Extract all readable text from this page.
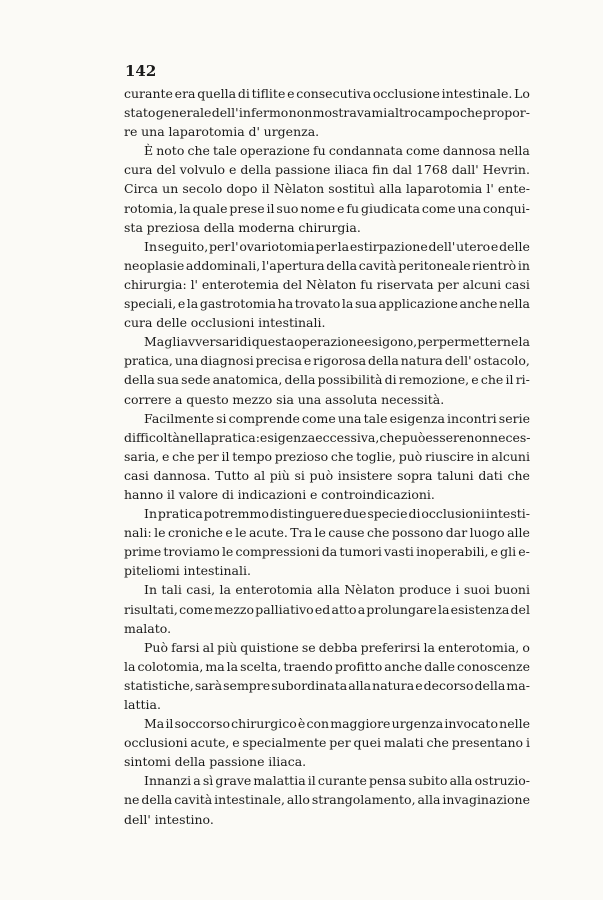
142
curante era quella di tiflite e consecutiva occlusione intestinale. Lo
stato generale dell' infermo non mostravami altro campo che propor-
re una laparotomia d' urgenza.
È noto che tale operazione fu condannata come dannosa nella
cura del volvulo e della passione iliaca fin dal 1768 dall' Hevrin.
Circa un secolo dopo il Nèlaton sostituì alla laparotomia l' ente-
rotomia, la quale prese il suo nome e fu giudicata come una conqui-
sta preziosa della moderna chirurgia.
In seguito, per l' ovariotomia per la estirpazione dell' utero e delle
neoplasie addominali, l'apertura della cavità peritoneale rientrò in
chirurgia: l' enterotemia del Nèlaton fu riservata per alcuni casi
speciali, e la gastrotomia ha trovato la sua applicazione anche nella
cura delle occlusioni intestinali.
Ma gli avversari di questa operazione esigono, per permetterne la
pratica, una diagnosi precisa e rigorosa della natura dell' ostacolo,
della sua sede anatomica, della possibilità di remozione, e che il ri-
correre a questo mezzo sia una assoluta necessità.
Facilmente si comprende come una tale esigenza incontri serie
difficoltà nella pratica: esigenza eccessiva, che può essere non neces-
saria, e che per il tempo prezioso che toglie, può riuscire in alcuni
casi dannosa. Tutto al più si può insistere sopra taluni dati che
hanno il valore di indicazioni e controindicazioni.
In pratica potremmo distinguere due specie di occlusioni intesti-
nali: le croniche e le acute. Tra le cause che possono dar luogo alle
prime troviamo le compressioni da tumori vasti inoperabili, e gli e-
piteliomi intestinali.
In tali casi, la enterotomia alla Nèlaton produce i suoi buoni
risultati, come mezzo palliativo ed atto a prolungare la esistenza del
malato.
Può farsi al più quistione se debba preferirsi la enterotomia, o
la colotomia, ma la scelta, traendo profitto anche dalle conoscenze
statistiche, sarà sempre subordinata alla natura e decorso della ma-
lattia.
Ma il soccorso chirurgico è con maggiore urgenza invocato nelle
occlusioni acute, e specialmente per quei malati che presentano i
sintomi della passione iliaca.
Innanzi a sì grave malattia il curante pensa subito alla ostruzio-
ne della cavità intestinale, allo strangolamento, alla invaginazione
dell' intestino.
